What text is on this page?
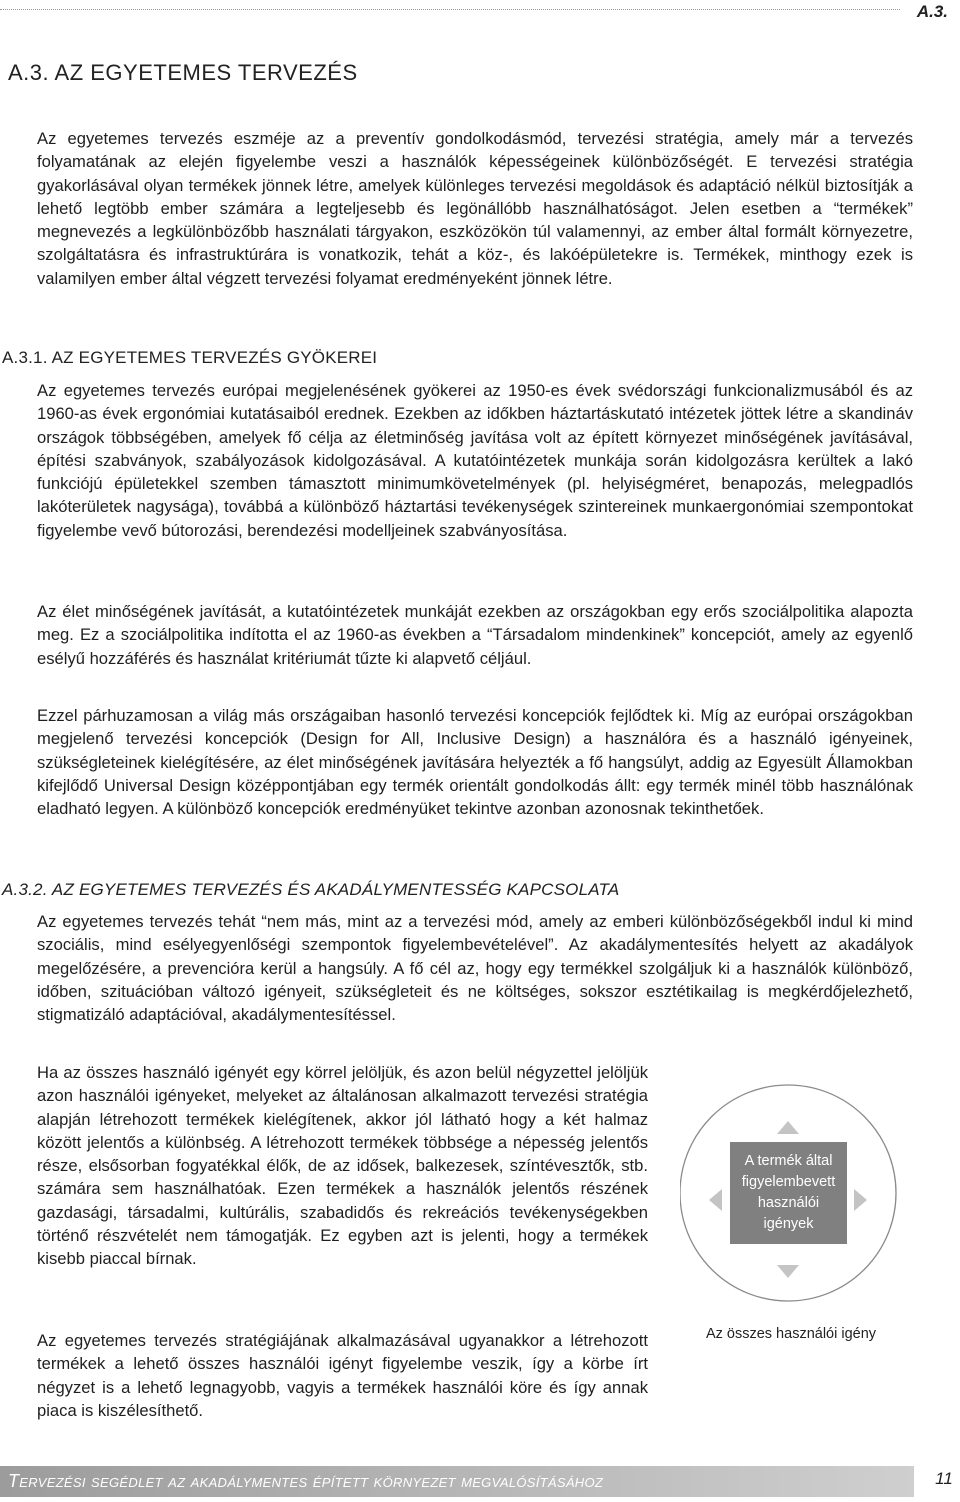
A.3.
A.3. AZ EGYETEMES TERVEZÉS

Az egyetemes tervezés eszméje az a preventív gondolkodásmód, tervezési stratégia, amely már a tervezés folyamatának az elején figyelembe veszi a használók képességeinek különbözőségét. E tervezési stratégia gyakorlásával olyan termékek jönnek létre, amelyek különleges tervezési megoldások és adaptáció nélkül biztosítják a lehető legtöbb ember számára a legteljesebb és legönállóbb használhatóságot. Jelen esetben a “termékek” megnevezés a legkülönbözőbb használati tárgyakon, eszközökön túl valamennyi, az ember által formált környezetre, szolgáltatásra és infrastruktúrára is vonatkozik, tehát a köz-, és lakóépületekre is. Termékek, minthogy ezek is valamilyen ember által végzett tervezési folyamat eredményeként jönnek létre.

A.3.1. AZ EGYETEMES TERVEZÉS GYÖKEREI

Az egyetemes tervezés európai megjelenésének gyökerei az 1950-es évek svédországi funkcionalizmusából és az 1960-as évek ergonómiai kutatásaiból erednek. Ezekben az időkben háztartáskutató intézetek jöttek létre a skandináv országok többségében, amelyek fő célja az életminőség javítása volt az épített környezet minőségének javításával, építési szabványok, szabályozások kidolgozásával. A kutatóintézetek munkája során kidolgozásra kerültek a lakó funkciójú épületekkel szemben támasztott minimumkövetelmények (pl. helyiségméret, benapozás, melegpadlós lakóterületek nagysága), továbbá a különböző háztartási tevékenységek szintereinek munkaergonómiai szempontokat figyelembe vevő bútorozási, berendezési modelljeinek szabványosítása.

Az élet minőségének javítását, a kutatóintézetek munkáját ezekben az országokban egy erős szociálpolitika alapozta meg. Ez a szociálpolitika indította el az 1960-as években a “Társadalom mindenkinek” koncepciót, amely az egyenlő esélyű hozzáférés és használat kritériumát tűzte ki alapvető céljául.

Ezzel párhuzamosan a világ más országaiban hasonló tervezési koncepciók fejlődtek ki. Míg az európai országokban megjelenő tervezési koncepciók (Design for All, Inclusive Design) a használóra és a használó igényeinek, szükségleteinek kielégítésére, az élet minőségének javítására helyezték a fő hangsúlyt, addig az Egyesült Államokban kifejlődő Universal Design középpontjában egy termék orientált gondolkodás állt: egy termék minél több használónak eladható legyen. A különböző koncepciók eredményüket tekintve azonban azonosnak tekinthetőek.

A.3.2. AZ EGYETEMES TERVEZÉS ÉS AKADÁLYMENTESSÉG KAPCSOLATA

Az egyetemes tervezés tehát “nem más, mint az a tervezési mód, amely az emberi különbözőségekből indul ki mind szociális, mind esélyegyenlőségi szempontok figyelembevételével”. Az akadálymentesítés helyett az akadályok megelőzésére, a prevencióra kerül a hangsúly. A fő cél az, hogy egy termékkel szolgáljuk ki a használók különböző, időben, szituációban változó igényeit, szükségleteit és ne költséges, sokszor esztétikailag is megkérdőjelezhető, stigmatizáló adaptációval, akadálymentesítéssel.

Ha az összes használó igényét egy körrel jelöljük, és azon belül négyzettel jelöljük azon használói igényeket, melyeket az általánosan alkalmazott tervezési stratégia alapján létrehozott termékek kielégítenek, akkor jól látható hogy a két halmaz között jelentős a különbség. A létrehozott termékek többsége a népesség jelentős része, elsősorban fogyatékkal élők, de az idősek, balkezesek, színtévesztők, stb. számára sem használhatóak. Ezen termékek a használók jelentős részének gazdasági, társadalmi, kultúrális, szabadidős és rekreációs tevékenységekben történő részvételét nem támogatják. Ez egyben azt is jelenti, hogy a termékek kisebb piaccal bírnak.

Az egyetemes tervezés stratégiájának alkalmazásával ugyanakkor a létrehozott termékek a lehető összes használói igényt figyelembe veszik, így a körbe írt négyzet is a lehető legnagyobb, vagyis a termékek használói köre és így annak piaca is kiszélesíthető.

A termék által figyelembevett használói igények
Az összes használói igény
Tervezési segédlet az akadálymentes épített környezet megvalósításához	11
